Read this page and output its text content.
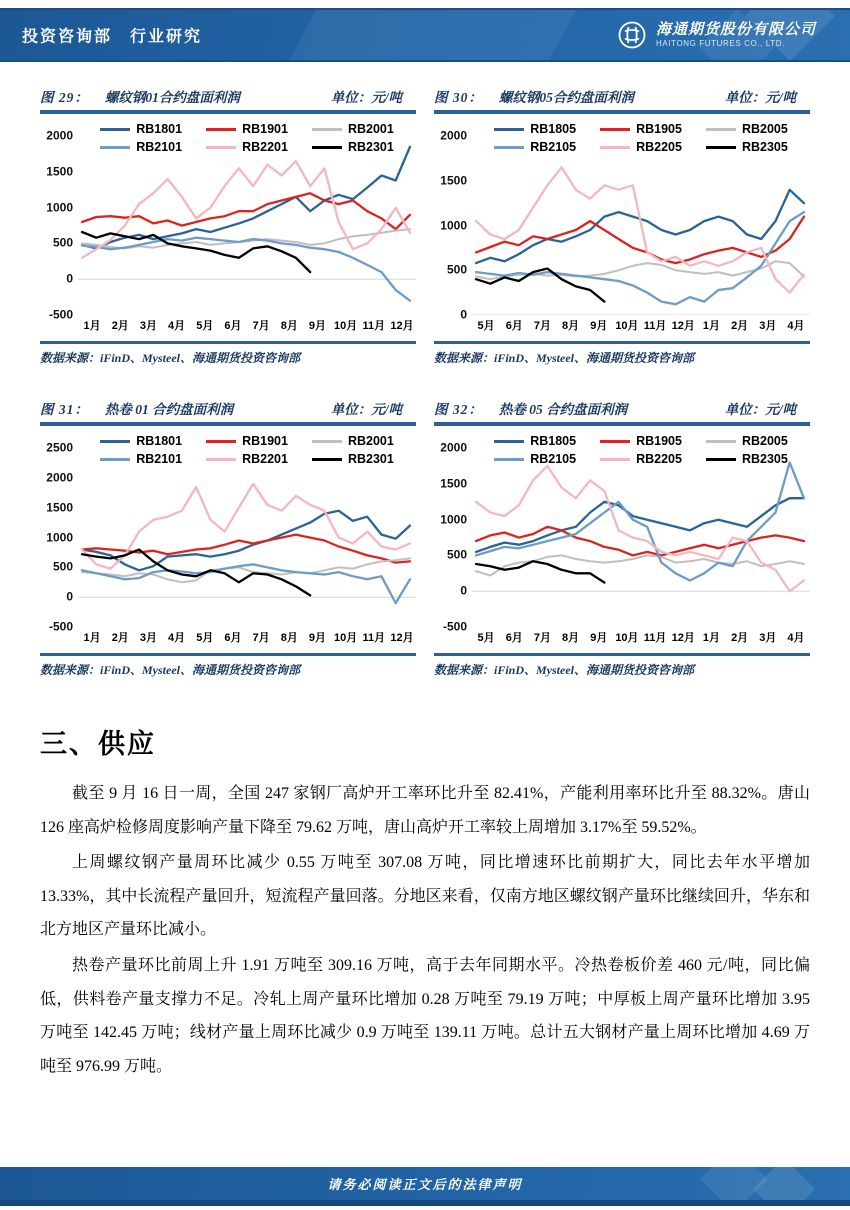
投资咨询部 行业研究	海通期货股份有限公司
HAITONG FUTURES CO., LTD.
图 29： 螺纹钢01合约盘面利润	单位：元/吨
2000
1500
1000
500
0
-500
RB1801	RB1901	RB2001
RB2101	RB2201	RB2301
1月	2月	3月	4月	5月	6月	7月	8月	9月 10月 11月 12月
数据来源：iFinD、Mysteel、海通期货投资咨询部
图 30： 螺纹钢05合约盘面利润	单位：元/吨
2000
1500
1000
500
0
RB1805	RB1905	RB2005
RB2105	RB2205	RB2305
5月	6月	7月	8月	9月 10月 11月 12月 1月	2月	3月	4月
数据来源：iFinD、Mysteel、海通期货投资咨询部
图 31： 热卷 01 合约盘面利润	单位：元/吨
2500
2000
1500
1000
500
0
-500
RB1801	RB1901	RB2001
RB2101	RB2201	RB2301
1月	2月	3月	4月	5月	6月	7月	8月	9月 10月 11月 12月
数据来源：iFinD、Mysteel、海通期货投资咨询部
图 32： 热卷 05 合约盘面利润	单位：元/吨
2000
1500
1000
500
0
-500
RB1805	RB1905	RB2005
RB2105	RB2205	RB2305
5月	6月	7月	8月	9月 10月 11月 12月 1月	2月	3月	4月
数据来源：iFinD、Mysteel、海通期货投资咨询部
三、供应

截至 9 月 16 日一周，全国 247 家钢厂高炉开工率环比升至 82.41%，产能利用率环比升至 88.32%。唐山 126 座高炉检修周度影响产量下降至 79.62 万吨，唐山高炉开工率较上周增加 3.17%至 59.52%。

上周螺纹钢产量周环比减少 0.55 万吨至 307.08 万吨，同比增速环比前期扩大，同比去年水平增加 13.33%，其中长流程产量回升，短流程产量回落。分地区来看，仅南方地区螺纹钢产量环比继续回升，华东和北方地区产量环比减小。

热卷产量环比前周上升 1.91 万吨至 309.16 万吨，高于去年同期水平。冷热卷板价差 460 元/吨，同比偏低，供料卷产量支撑力不足。冷轧上周产量环比增加 0.28 万吨至 79.19 万吨；中厚板上周产量环比增加 3.95 万吨至 142.45 万吨；线材产量上周环比减少 0.9 万吨至 139.11 万吨。总计五大钢材产量上周环比增加 4.69 万吨至 976.99 万吨。

请务必阅读正文后的法律声明
